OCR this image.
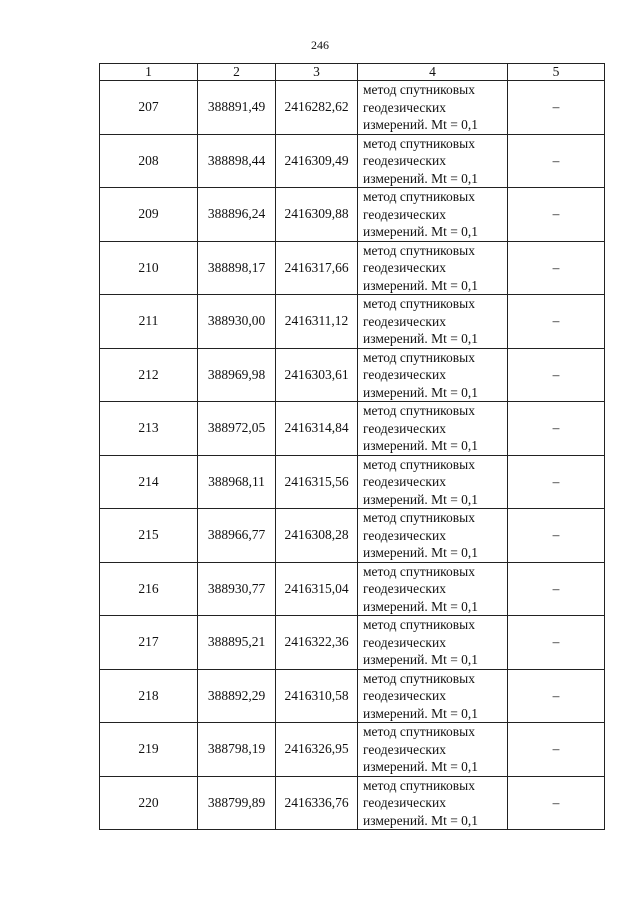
246
1	2	3	4	5
207	388891,49	2416282,62	метод спутниковых
геодезических
измерений. Mt = 0,1	–
208	388898,44	2416309,49	метод спутниковых
геодезических
измерений. Mt = 0,1	–
209	388896,24	2416309,88	метод спутниковых
геодезических
измерений. Mt = 0,1	–
210	388898,17	2416317,66	метод спутниковых
геодезических
измерений. Mt = 0,1	–
211	388930,00	2416311,12	метод спутниковых
геодезических
измерений. Mt = 0,1	–
212	388969,98	2416303,61	метод спутниковых
геодезических
измерений. Mt = 0,1	–
213	388972,05	2416314,84	метод спутниковых
геодезических
измерений. Mt = 0,1	–
214	388968,11	2416315,56	метод спутниковых
геодезических
измерений. Mt = 0,1	–
215	388966,77	2416308,28	метод спутниковых
геодезических
измерений. Mt = 0,1	–
216	388930,77	2416315,04	метод спутниковых
геодезических
измерений. Mt = 0,1	–
217	388895,21	2416322,36	метод спутниковых
геодезических
измерений. Mt = 0,1	–
218	388892,29	2416310,58	метод спутниковых
геодезических
измерений. Mt = 0,1	–
219	388798,19	2416326,95	метод спутниковых
геодезических
измерений. Mt = 0,1	–
220	388799,89	2416336,76	метод спутниковых
геодезических
измерений. Mt = 0,1	–
